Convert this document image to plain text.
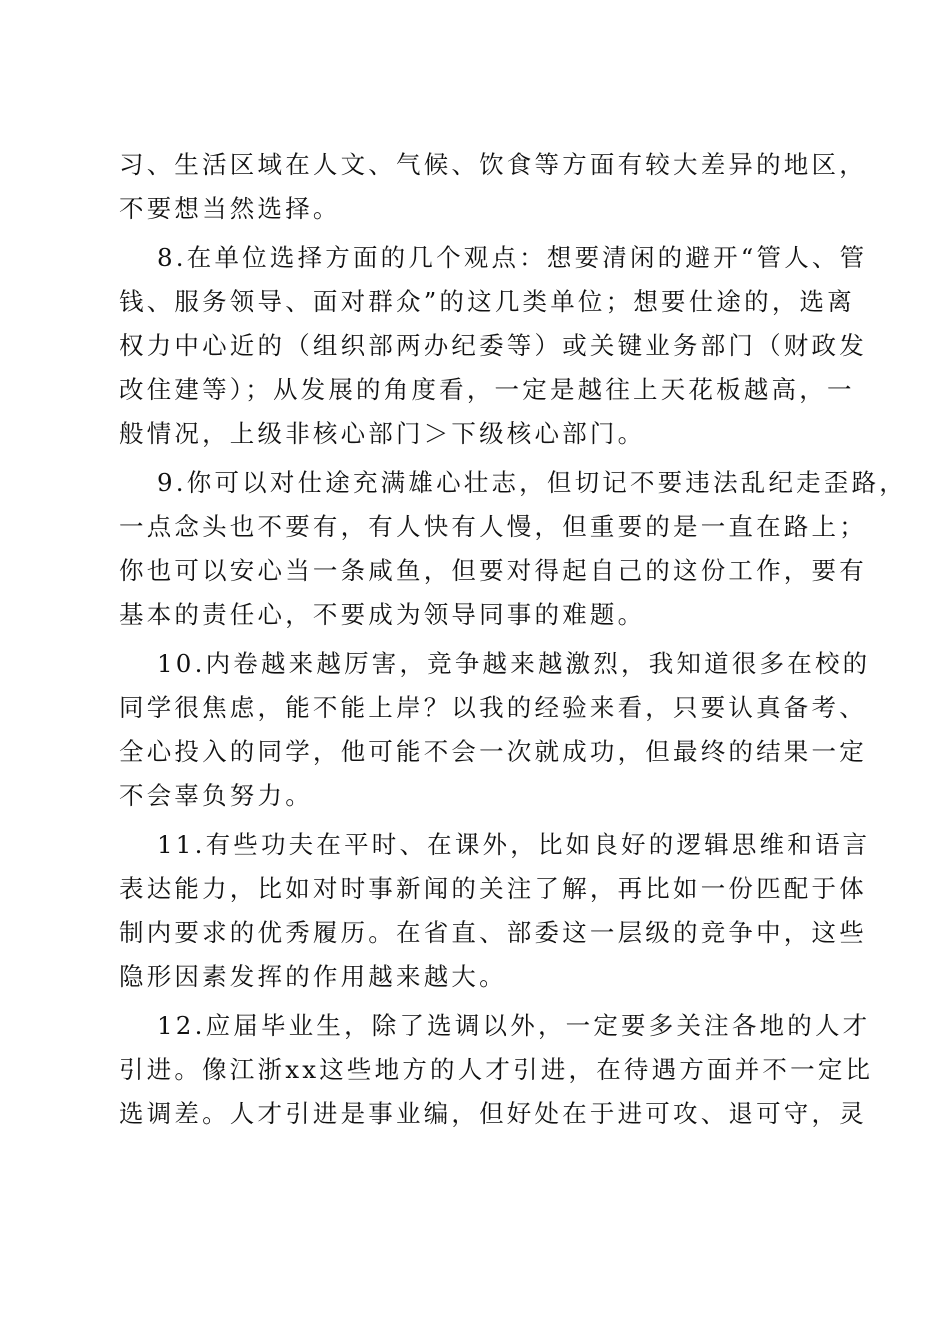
习、生活区域在人文、气候、饮食等方面有较大差异的地区，
不要想当然选择。
8.在单位选择方面的几个观点：想要清闲的避开“管人、管
钱、服务领导、面对群众”的这几类单位；想要仕途的，选离
权力中心近的（组织部两办纪委等）或关键业务部门（财政发
改住建等）；从发展的角度看，一定是越往上天花板越高，一
般情况，上级非核心部门＞下级核心部门。
9.你可以对仕途充满雄心壮志，但切记不要违法乱纪走歪路，
一点念头也不要有，有人快有人慢，但重要的是一直在路上；
你也可以安心当一条咸鱼，但要对得起自己的这份工作，要有
基本的责任心，不要成为领导同事的难题。
10.内卷越来越厉害，竞争越来越激烈，我知道很多在校的
同学很焦虑，能不能上岸？以我的经验来看，只要认真备考、
全心投入的同学，他可能不会一次就成功，但最终的结果一定
不会辜负努力。
11.有些功夫在平时、在课外，比如良好的逻辑思维和语言
表达能力，比如对时事新闻的关注了解，再比如一份匹配于体
制内要求的优秀履历。在省直、部委这一层级的竞争中，这些
隐形因素发挥的作用越来越大。
12.应届毕业生，除了选调以外，一定要多关注各地的人才
引进。像江浙xx这些地方的人才引进，在待遇方面并不一定比
选调差。人才引进是事业编，但好处在于进可攻、退可守，灵
